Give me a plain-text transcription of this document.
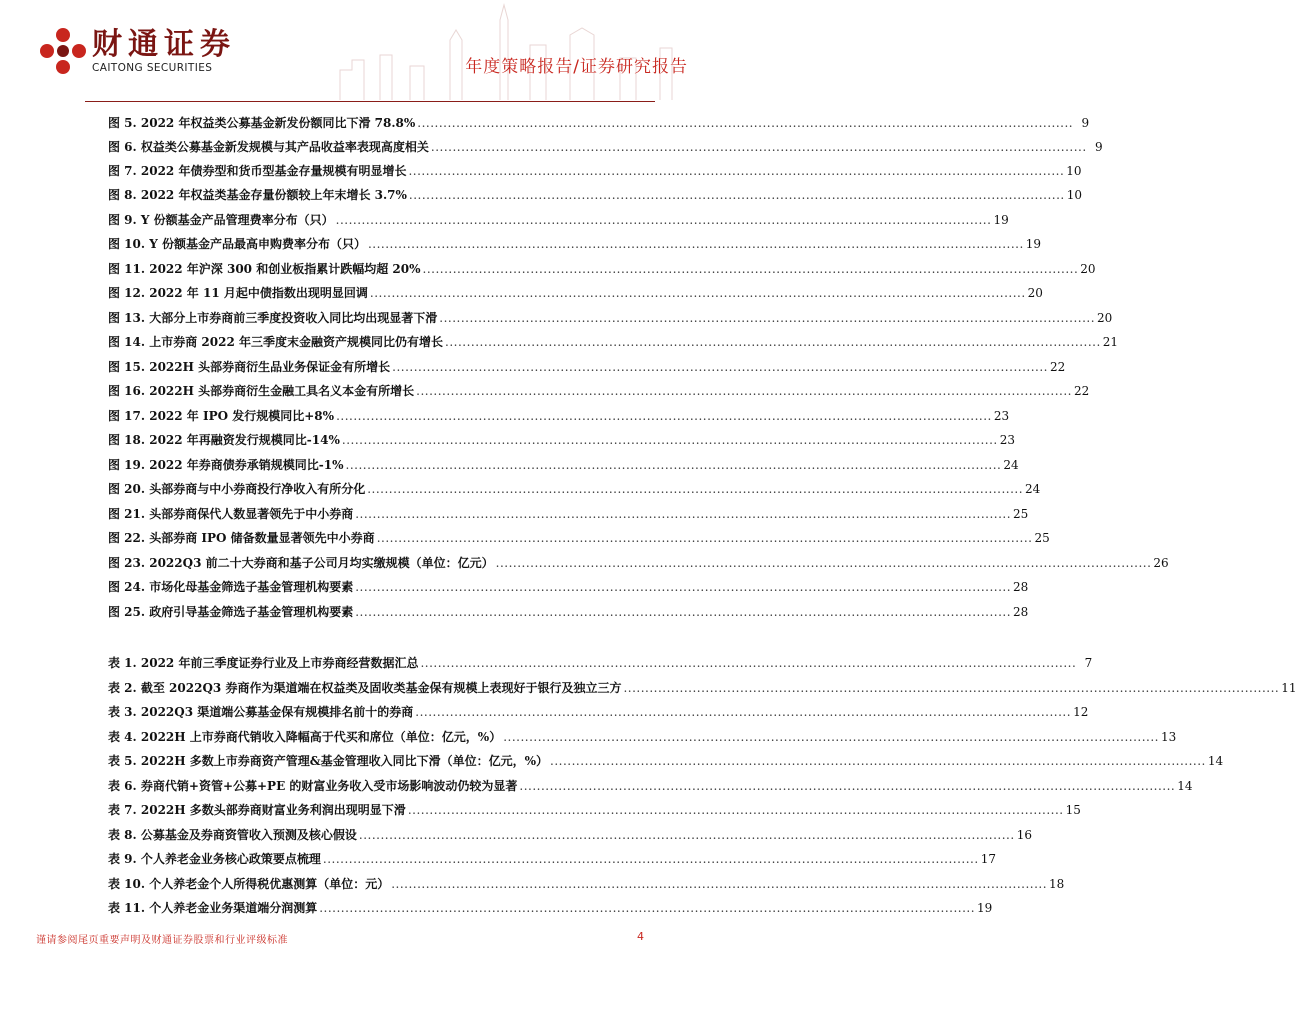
财通证券
CAITONG SECURITIES	年度策略报告/证券研究报告
图 5. 2022 年权益类公募基金新发份额同比下滑 78.8% ........................................................................................................................................................ 9
图 6. 权益类公募基金新发规模与其产品收益率表现高度相关 ........................................................................................................................................................ 9
图 7. 2022 年债券型和货币型基金存量规模有明显增长 ........................................................................................................................................................ 10
图 8. 2022 年权益类基金存量份额较上年末增长 3.7% ........................................................................................................................................................ 10
图 9. Y 份额基金产品管理费率分布（只） ........................................................................................................................................................ 19
图 10. Y 份额基金产品最高申购费率分布（只） ........................................................................................................................................................ 19
图 11. 2022 年沪深 300 和创业板指累计跌幅均超 20% ........................................................................................................................................................ 20
图 12. 2022 年 11 月起中债指数出现明显回调 ........................................................................................................................................................ 20
图 13. 大部分上市券商前三季度投资收入同比均出现显著下滑 ........................................................................................................................................................ 20
图 14. 上市券商 2022 年三季度末金融资产规模同比仍有增长 ........................................................................................................................................................ 21
图 15. 2022H 头部券商衍生品业务保证金有所增长 ........................................................................................................................................................ 22
图 16. 2022H 头部券商衍生金融工具名义本金有所增长 ........................................................................................................................................................ 22
图 17. 2022 年 IPO 发行规模同比+8% ........................................................................................................................................................ 23
图 18. 2022 年再融资发行规模同比-14% ........................................................................................................................................................ 23
图 19. 2022 年券商债券承销规模同比-1% ........................................................................................................................................................ 24
图 20. 头部券商与中小券商投行净收入有所分化 ........................................................................................................................................................ 24
图 21. 头部券商保代人数显著领先于中小券商 ........................................................................................................................................................ 25
图 22. 头部券商 IPO 储备数量显著领先中小券商 ........................................................................................................................................................ 25
图 23. 2022Q3 前二十大券商和基子公司月均实缴规模（单位：亿元） ........................................................................................................................................................ 26
图 24. 市场化母基金筛选子基金管理机构要素 ........................................................................................................................................................ 28
图 25. 政府引导基金筛选子基金管理机构要素 ........................................................................................................................................................ 28
表 1. 2022 年前三季度证券行业及上市券商经营数据汇总 ........................................................................................................................................................ 7
表 2. 截至 2022Q3 券商作为渠道端在权益类及固收类基金保有规模上表现好于银行及独立三方 ........................................................................................................................................................ 11
表 3. 2022Q3 渠道端公募基金保有规模排名前十的券商 ........................................................................................................................................................ 12
表 4. 2022H 上市券商代销收入降幅高于代买和席位（单位：亿元，%） ........................................................................................................................................................ 13
表 5. 2022H 多数上市券商资产管理&基金管理收入同比下滑（单位：亿元，%） ........................................................................................................................................................ 14
表 6. 券商代销+资管+公募+PE 的财富业务收入受市场影响波动仍较为显著 ........................................................................................................................................................ 14
表 7. 2022H 多数头部券商财富业务利润出现明显下滑 ........................................................................................................................................................ 15
表 8. 公募基金及券商资管收入预测及核心假设 ........................................................................................................................................................ 16
表 9. 个人养老金业务核心政策要点梳理 ........................................................................................................................................................ 17
表 10. 个人养老金个人所得税优惠测算（单位：元） ........................................................................................................................................................ 18
表 11. 个人养老金业务渠道端分润测算 ........................................................................................................................................................ 19
谨请参阅尾页重要声明及财通证券股票和行业评级标准	4
